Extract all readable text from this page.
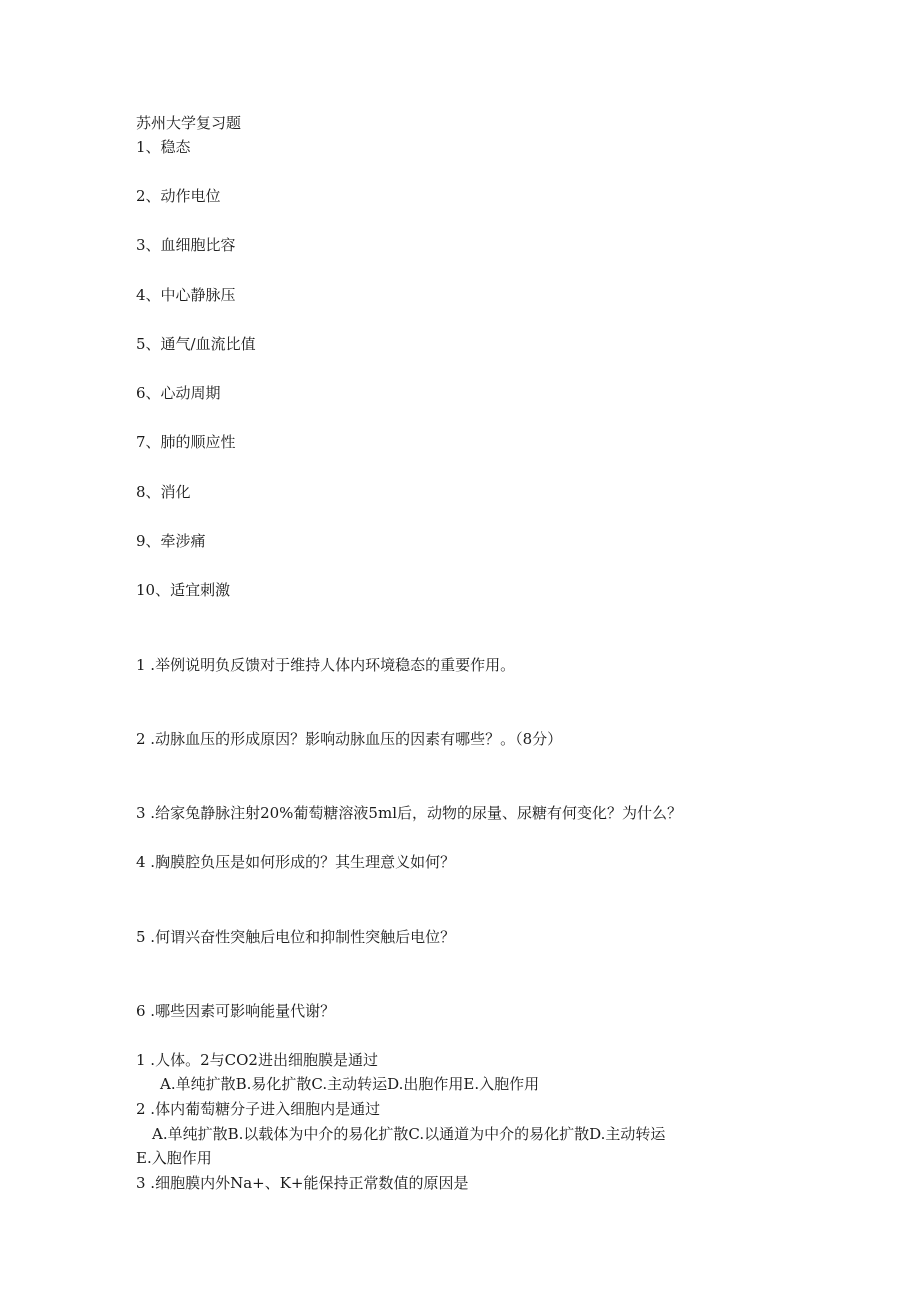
苏州大学复习题
1、稳态
2、动作电位
3、血细胞比容
4、中心静脉压
5、通气/血流比值
6、心动周期
7、肺的顺应性
8、消化
9、牵涉痛
10、适宜刺激
1 .举例说明负反馈对于维持人体内环境稳态的重要作用。
2 .动脉血压的形成原因？影响动脉血压的因素有哪些？。（8分）
3 .给家兔静脉注射20%葡萄糖溶液5ml后，动物的尿量、尿糖有何变化？为什么？
4 .胸膜腔负压是如何形成的？其生理意义如何？
5 .何谓兴奋性突触后电位和抑制性突触后电位？
6 .哪些因素可影响能量代谢？
1 .人体。2与CO2进出细胞膜是通过
A.单纯扩散B.易化扩散C.主动转运D.出胞作用E.入胞作用
2 .体内葡萄糖分子进入细胞内是通过
A.单纯扩散B.以载体为中介的易化扩散C.以通道为中介的易化扩散D.主动转运
E.入胞作用
3 .细胞膜内外Na+、K+能保持正常数值的原因是
